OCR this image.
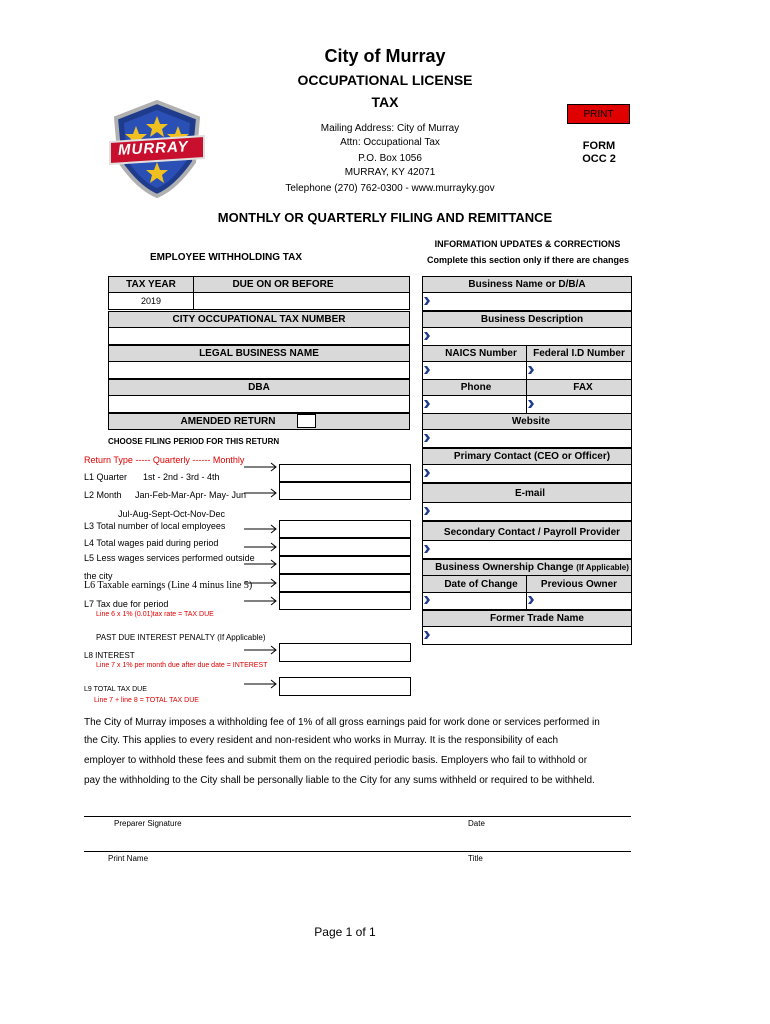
City of Murray
OCCUPATIONAL LICENSE
TAX
MURRAY
Mailing Address: City of Murray
Attn: Occupational Tax
P.O. Box 1056
MURRAY, KY 42071
Telephone (270) 762-0300 - www.murrayky.gov
PRINT
FORM
OCC 2
MONTHLY OR QUARTERLY FILING AND REMITTANCE
EMPLOYEE WITHHOLDING TAX
TAX YEAR	DUE ON OR BEFORE
2019
CITY OCCUPATIONAL TAX NUMBER
LEGAL BUSINESS NAME
DBA
AMENDED RETURN
CHOOSE FILING PERIOD FOR THIS RETURN
Return Type ----- Quarterly ------ Monthly
L1 Quarter 1st - 2nd - 3rd - 4th
L2 Month Jan-Feb-Mar-Apr- May- Jun
Jul-Aug-Sept-Oct-Nov-Dec
L3 Total number of local employees
L4 Total wages paid during period
L5 Less wages services performed outside
the city
L6 Taxable earnings (Line 4 minus line 5)
L7 Tax due for period
Line 6 x 1% (0.01)tax rate = TAX DUE
PAST DUE INTEREST PENALTY (If Applicable)
L8 INTEREST
Line 7 x 1% per month due after due date = INTEREST
L9 TOTAL TAX DUE
Line 7 + line 8 = TOTAL TAX DUE
INFORMATION UPDATES & CORRECTIONS
Complete this section only if there are changes
Business Name or D/B/A
Business Description
NAICS Number	Federal I.D Number
Phone	FAX
Website
Primary Contact (CEO or Officer)
E-mail
Secondary Contact / Payroll Provider
Business Ownership Change (If Applicable)
Date of Change	Previous Owner
Former Trade Name
The City of Murray imposes a withholding fee of 1% of all gross earnings paid for work done or services performed in
the City. This applies to every resident and non-resident who works in Murray. It is the responsibility of each
employer to withhold these fees and submit them on the required periodic basis. Employers who fail to withhold or
pay the withholding to the City shall be personally liable to the City for any sums withheld or required to be withheld.
Preparer Signature	Date
Print Name	Title
Page 1 of 1
